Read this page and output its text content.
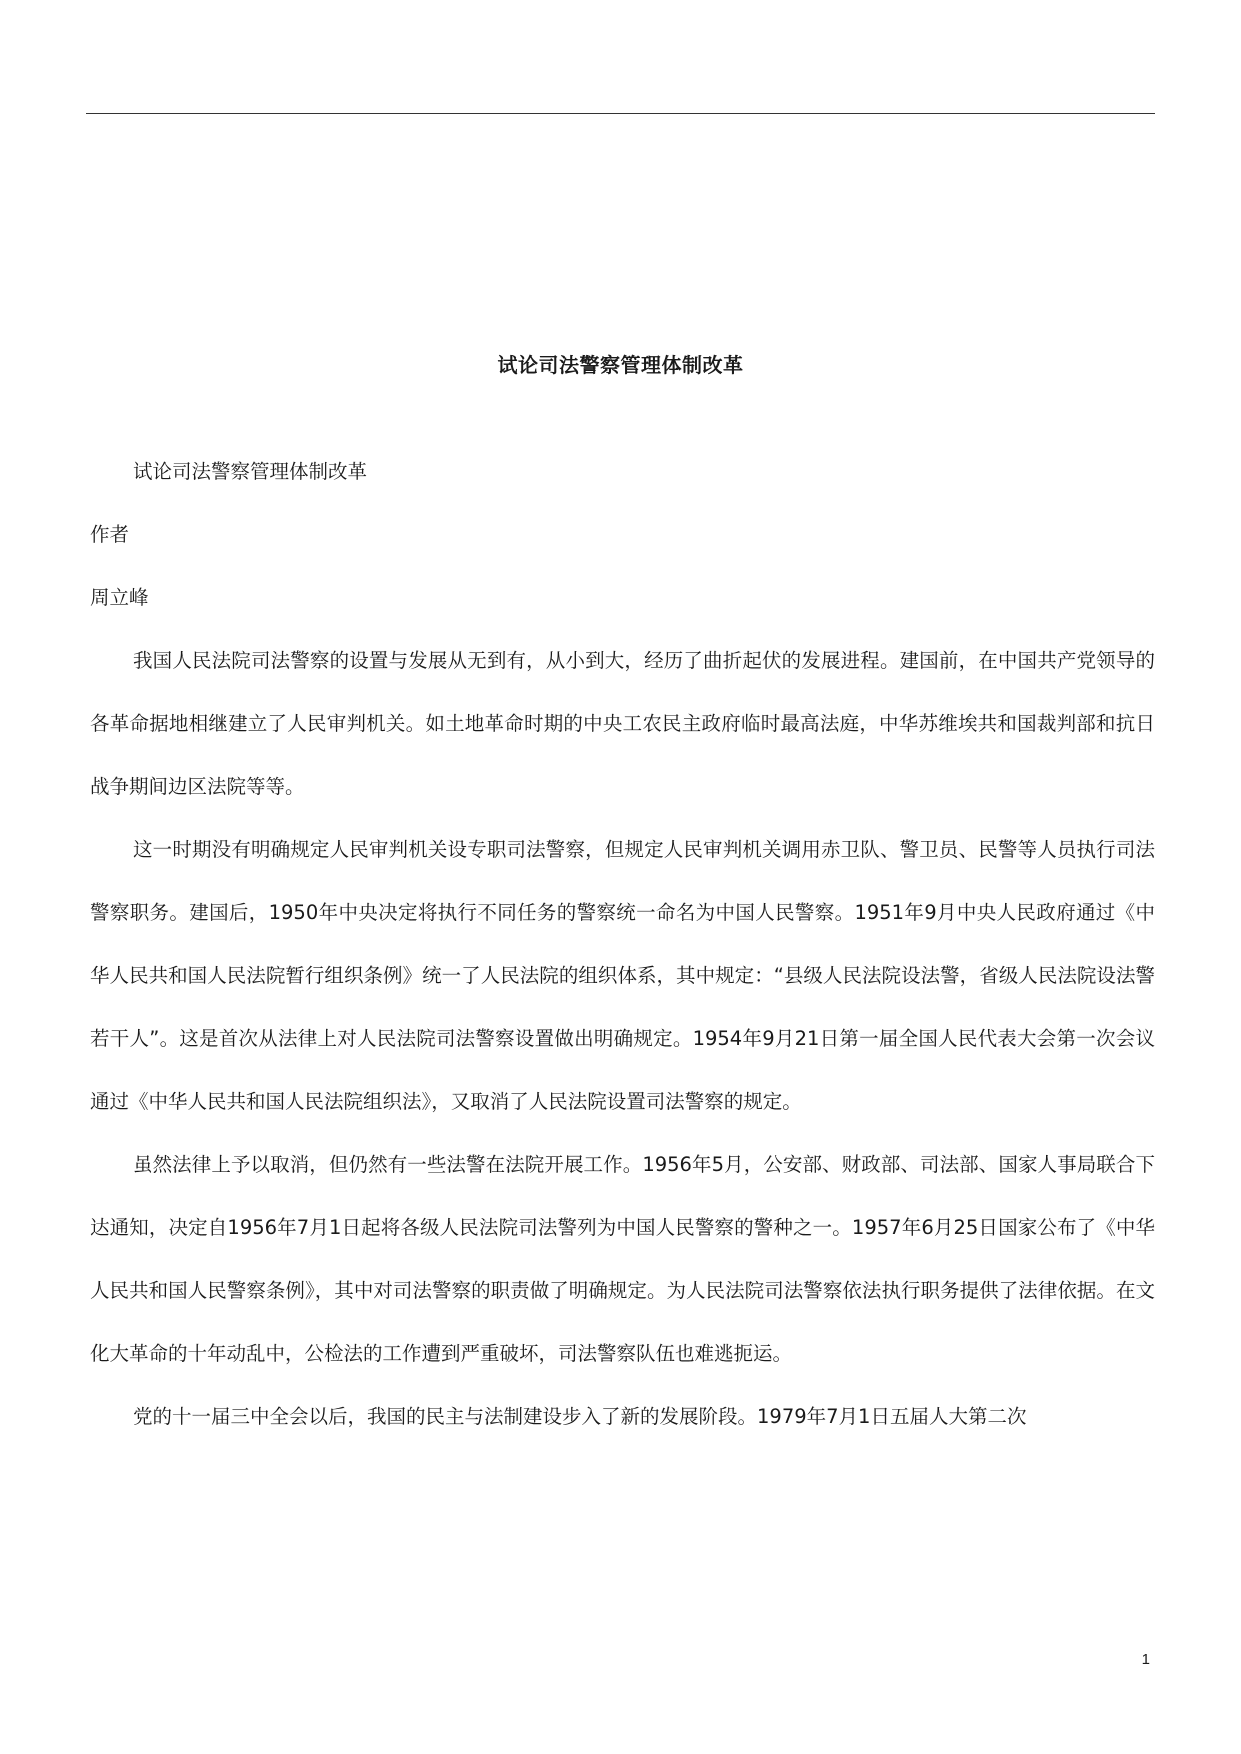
试论司法警察管理体制改革

试论司法警察管理体制改革

作者

周立峰

我国人民法院司法警察的设置与发展从无到有，从小到大，经历了曲折起伏的发展进程。建国前，在中国共产党领导的各革命据地相继建立了人民审判机关。如土地革命时期的中央工农民主政府临时最高法庭，中华苏维埃共和国裁判部和抗日战争期间边区法院等等。

这一时期没有明确规定人民审判机关设专职司法警察，但规定人民审判机关调用赤卫队、警卫员、民警等人员执行司法警察职务。建国后，1950年中央决定将执行不同任务的警察统一命名为中国人民警察。1951年9月中央人民政府通过《中华人民共和国人民法院暂行组织条例》统一了人民法院的组织体系，其中规定：“县级人民法院设法警，省级人民法院设法警若干人”。这是首次从法律上对人民法院司法警察设置做出明确规定。1954年9月21日第一届全国人民代表大会第一次会议通过《中华人民共和国人民法院组织法》，又取消了人民法院设置司法警察的规定。

虽然法律上予以取消，但仍然有一些法警在法院开展工作。1956年5月，公安部、财政部、司法部、国家人事局联合下达通知，决定自1956年7月1日起将各级人民法院司法警列为中国人民警察的警种之一。1957年6月25日国家公布了《中华人民共和国人民警察条例》，其中对司法警察的职责做了明确规定。为人民法院司法警察依法执行职务提供了法律依据。在文化大革命的十年动乱中，公检法的工作遭到严重破坏，司法警察队伍也难逃扼运。

党的十一届三中全会以后，我国的民主与法制建设步入了新的发展阶段。1979年7月1日五届人大第二次

1
